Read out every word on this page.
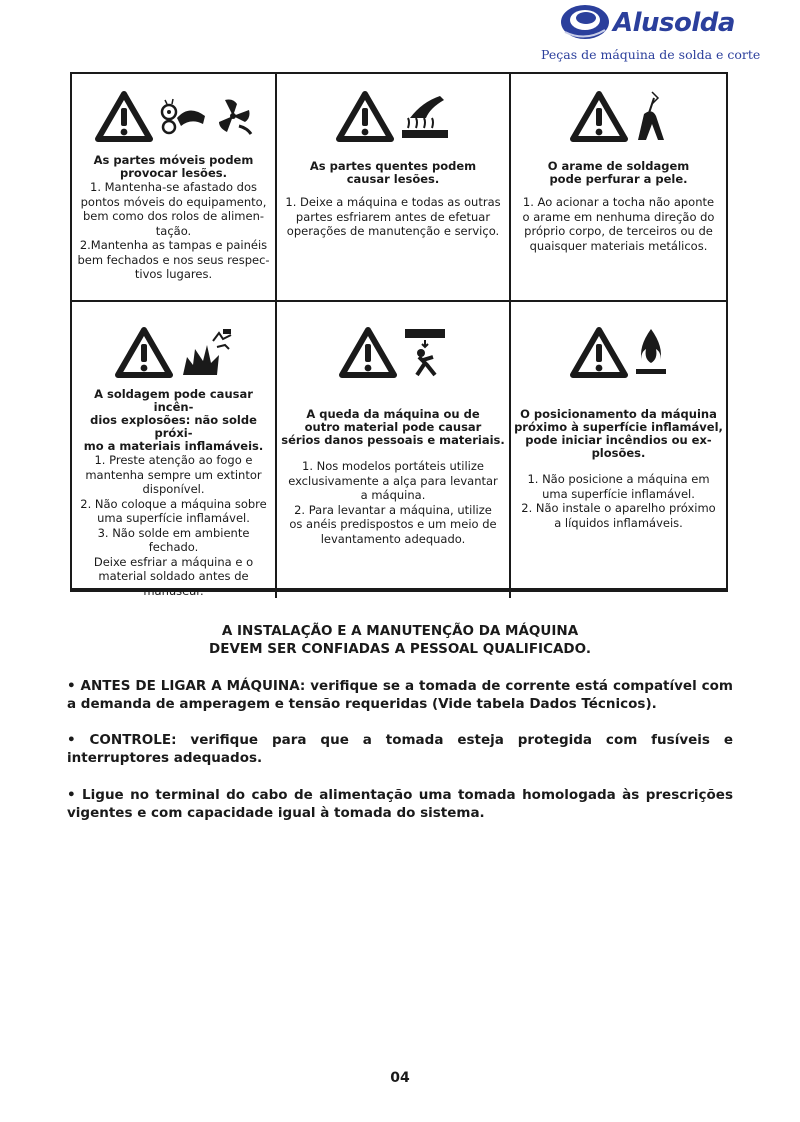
Alusolda
Peças de máquina de solda e corte
As partes móveis podem
provocar lesões.
1. Mantenha-se afastado dos
pontos móveis do equipamento,
bem como dos rolos de alimen-
tação.
2.Mantenha as tampas e painéis
bem fechados e nos seus respec-
tivos lugares.
As partes quentes podem
causar lesões.
1. Deixe a máquina e todas as outras
partes esfriarem antes de efetuar
operações de manutenção e serviço.
O arame de soldagem
pode perfurar a pele.
1. Ao acionar a tocha não aponte
o arame em nenhuma direção do
próprio corpo, de terceiros ou de
quaisquer materiais metálicos.
A soldagem pode causar incên-
dios explosões: não solde próxi-
mo a materiais inflamáveis.
1. Preste atenção ao fogo e
mantenha sempre um extintor
disponível.
2. Não coloque a máquina sobre
uma superfície inflamável.
3. Não solde em ambiente
fechado.
Deixe esfriar a máquina e o
material soldado antes de
manusear.
A queda da máquina ou de
outro material pode causar
sérios danos pessoais e materiais.
1. Nos modelos portáteis utilize
exclusivamente a alça para levantar
a máquina.
2. Para levantar a máquina, utilize
os anéis predispostos e um meio de
levantamento adequado.
O posicionamento da máquina
próximo à superfície inflamável,
pode iniciar incêndios ou ex-
plosões.
1. Não posicione a máquina em
uma superfície inflamável.
2. Não instale o aparelho próximo
a líquidos inflamáveis.
A INSTALAÇÃO E A MANUTENÇÃO DA MÁQUINA
DEVEM SER CONFIADAS A PESSOAL QUALIFICADO.
• ANTES DE LIGAR A MÁQUINA: verifique se a tomada de corrente está compatível com a demanda de amperagem e tensão requeridas (Vide tabela Dados Técnicos).
• CONTROLE: verifique para que a tomada esteja protegida com fusíveis e interruptores adequados.
• Ligue no terminal do cabo de alimentação uma tomada homologada às prescrições vigentes e com capacidade igual à tomada do sistema.
04
